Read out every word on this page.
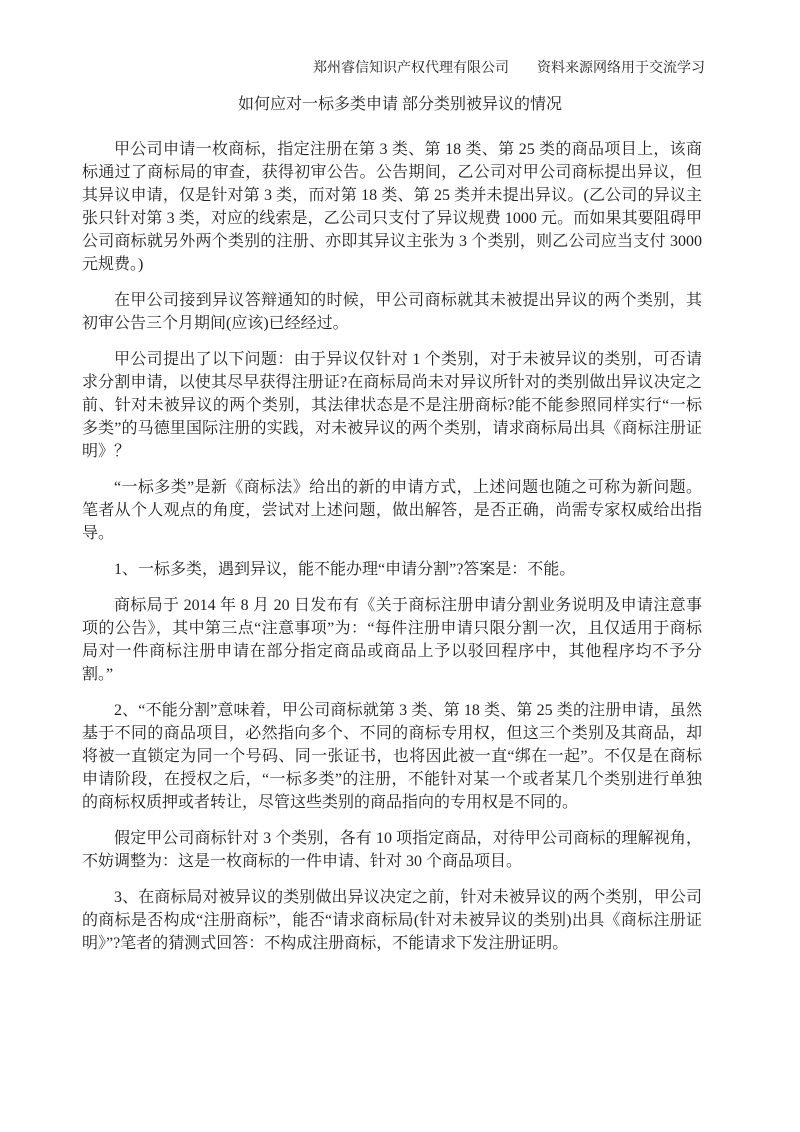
郑州睿信知识产权代理有限公司 资料来源网络用于交流学习
如何应对一标多类申请 部分类别被异议的情况

甲公司申请一枚商标，指定注册在第 3 类、第 18 类、第 25 类的商品项目上，该商标通过了商标局的审查，获得初审公告。公告期间，乙公司对甲公司商标提出异议，但其异议申请，仅是针对第 3 类，而对第 18 类、第 25 类并未提出异议。(乙公司的异议主张只针对第 3 类，对应的线索是，乙公司只支付了异议规费 1000 元。而如果其要阻碍甲公司商标就另外两个类别的注册、亦即其异议主张为 3 个类别，则乙公司应当支付 3000 元规费。)

在甲公司接到异议答辩通知的时候，甲公司商标就其未被提出异议的两个类别，其初审公告三个月期间(应该)已经经过。

甲公司提出了以下问题：由于异议仅针对 1 个类别，对于未被异议的类别，可否请求分割申请，以使其尽早获得注册证?在商标局尚未对异议所针对的类别做出异议决定之前、针对未被异议的两个类别，其法律状态是不是注册商标?能不能参照同样实行“一标多类”的马德里国际注册的实践，对未被异议的两个类别，请求商标局出具《商标注册证明》？

“一标多类”是新《商标法》给出的新的申请方式，上述问题也随之可称为新问题。笔者从个人观点的角度，尝试对上述问题，做出解答，是否正确，尚需专家权威给出指导。

1、一标多类，遇到异议，能不能办理“申请分割”?答案是：不能。

商标局于 2014 年 8 月 20 日发布有《关于商标注册申请分割业务说明及申请注意事项的公告》，其中第三点“注意事项”为：“每件注册申请只限分割一次，且仅适用于商标局对一件商标注册申请在部分指定商品或商品上予以驳回程序中，其他程序均不予分割。”

2、“不能分割”意味着，甲公司商标就第 3 类、第 18 类、第 25 类的注册申请，虽然基于不同的商品项目，必然指向多个、不同的商标专用权，但这三个类别及其商品，却将被一直锁定为同一个号码、同一张证书，也将因此被一直“绑在一起”。不仅是在商标申请阶段，在授权之后，“一标多类”的注册，不能针对某一个或者某几个类别进行单独的商标权质押或者转让，尽管这些类别的商品指向的专用权是不同的。

假定甲公司商标针对 3 个类别，各有 10 项指定商品，对待甲公司商标的理解视角，不妨调整为：这是一枚商标的一件申请、针对 30 个商品项目。

3、在商标局对被异议的类别做出异议决定之前，针对未被异议的两个类别，甲公司的商标是否构成“注册商标”，能否“请求商标局(针对未被异议的类别)出具《商标注册证明》”?笔者的猜测式回答：不构成注册商标，不能请求下发注册证明。
